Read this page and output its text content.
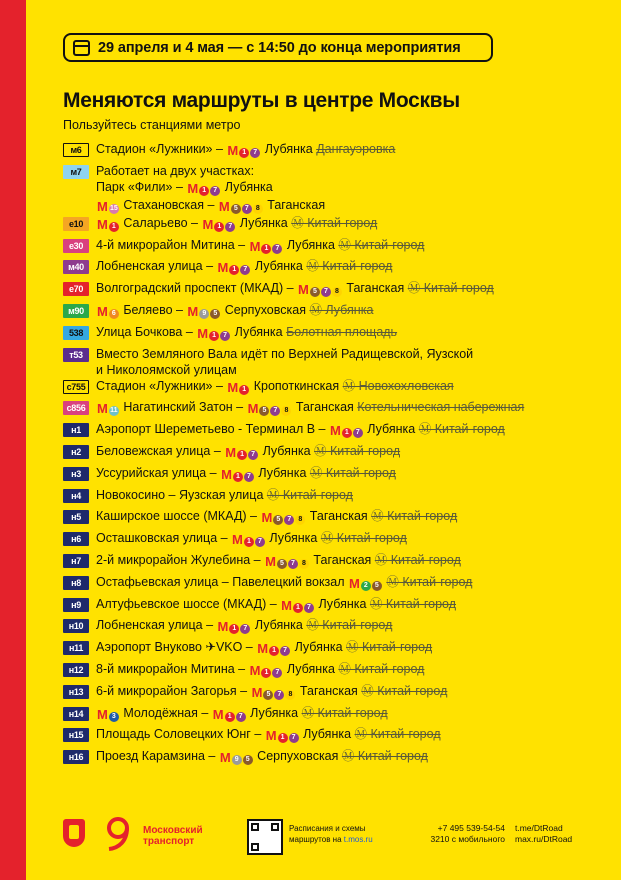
29 апреля и 4 мая — с 14:50 до конца мероприятия
Меняются маршруты в центре Москвы
Пользуйтесь станциями метро
м6	Стадион «Лужники» – М 1 7 Лубянка Дангауэровка
м7	Работает на двух участках:
Парк «Фили» – М 1 7 Лубянка
М 15 Стахановская – М 5 7 8 Таганская
е10	М 1 Саларьево – М 1 7 Лубянка Ⓜ Китай-город
е30	4-й микрорайон Митина – М 1 7 Лубянка Ⓜ Китай-город
м40 Лобненская улица – М 1 7 Лубянка Ⓜ Китай-город
е70	Волгоградский проспект (МКАД) – М 5 7 8 Таганская Ⓜ Китай-город
м90	М 6 Беляево – М 9 5 Серпуховская Ⓜ Лубянка
538	Улица Бочкова – М 1 7 Лубянка Болотная площадь
т53	Вместо Земляного Вала идёт по Верхней Радищевской, Яузской
и Николоямской улицам
с755 Стадион «Лужники» – М 1 Кропоткинская Ⓜ Новохохловская
с856 М 11 Нагатинский Затон – М 5 7 8 Таганская Котельническая набережная
н1	Аэропорт Шереметьево - Терминал В – М 1 7 Лубянка Ⓜ Китай-город
н2	Беловежская улица – М 1 7 Лубянка Ⓜ Китай-город
н3	Уссурийская улица – М 1 7 Лубянка Ⓜ Китай-город
н4	Новокосино – Яузская улица Ⓜ Китай-город
н5	Каширское шоссе (МКАД) – М 5 7 8 Таганская Ⓜ Китай-город
н6	Осташковская улица – М 1 7 Лубянка Ⓜ Китай-город
н7	2-й микрорайон Жулебина – М 5 7 8 Таганская Ⓜ Китай-город
н8	Остафьевская улица – Павелецкий вокзал М 2 5 Ⓜ Китай-город
н9	Алтуфьевское шоссе (МКАД) – М 1 7 Лубянка Ⓜ Китай-город
н10	Лобненская улица – М 1 7 Лубянка Ⓜ Китай-город
н11	Аэропорт Внуково ✈VKO – М 1 7 Лубянка Ⓜ Китай-город
н12	8-й микрорайон Митина – М 1 7 Лубянка Ⓜ Китай-город
н13	6-й микрорайон Загорья – М 5 7 8 Таганская Ⓜ Китай-город
н14	М 3 Молодёжная – М 1 7 Лубянка Ⓜ Китай-город
н15	Площадь Соловецких Юнг – М 1 7 Лубянка Ⓜ Китай-город
н16	Проезд Карамзина – М 9 5 Серпуховская Ⓜ Китай-город
Московский
транспорт
Расписания и схемы
маршрутов на t.mos.ru
+7 495 539-54-54
3210 с мобильного
t.me/DtRoad
max.ru/DtRoad
